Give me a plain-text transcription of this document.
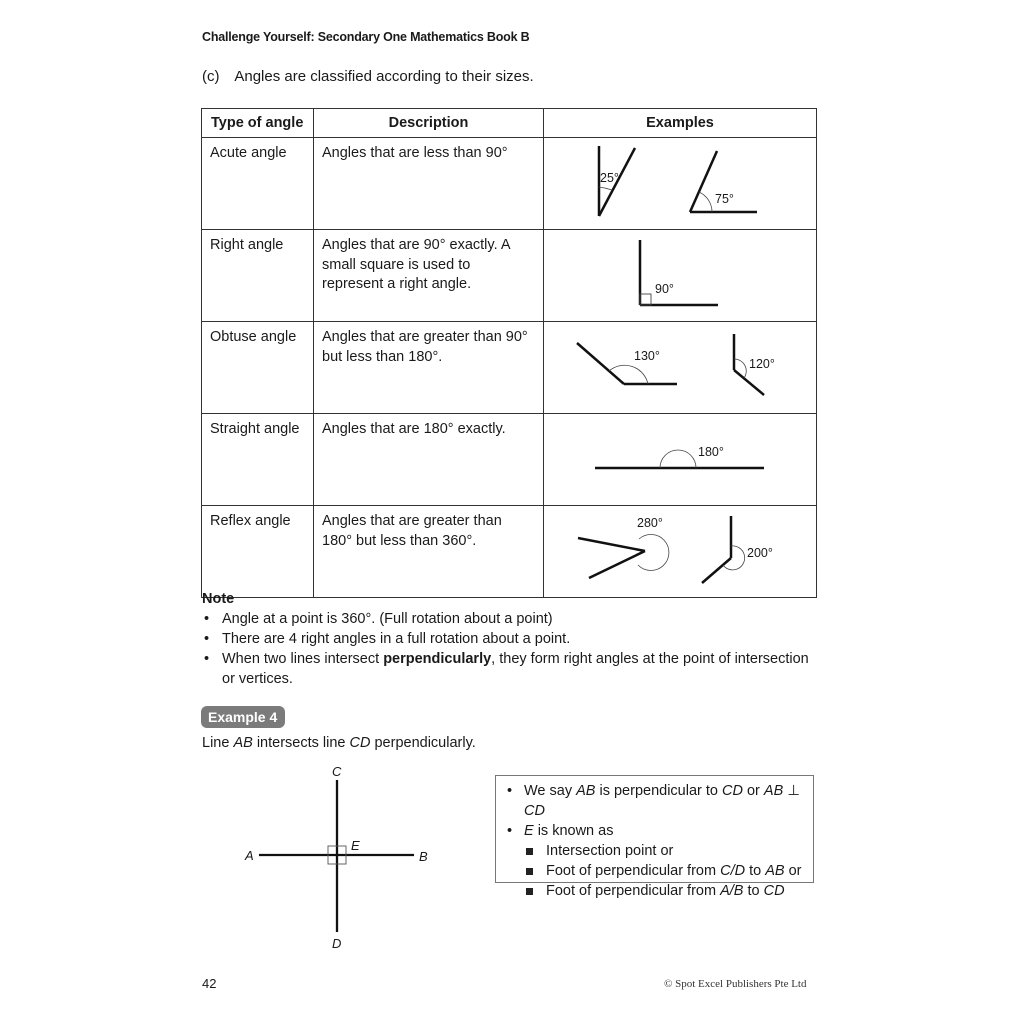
Challenge Yourself: Secondary One Mathematics Book B
(c) Angles are classified according to their sizes.
Type of angle	Description	Examples
Acute angle	Angles that are less than 90°	25°
75°

Right angle	Angles that are 90° exactly. A small square is used to represent a right angle.	90°

Obtuse angle	Angles that are greater than 90° but less than 180°.	130°
120°

Straight angle	Angles that are 180° exactly.	180°

Reflex angle	Angles that are greater than 180° but less than 360°.	280°
200°
Note
• Angle at a point is 360°. (Full rotation about a point)
• There are 4 right angles in a full rotation about a point.
• When two lines intersect perpendicularly, they form right angles at the point of intersection or vertices.
Example 4
Line AB intersects line CD perpendicularly.
A	B
C
D
E
• We say AB is perpendicular to CD or AB ⊥ CD
• E is known as
Intersection point or
Foot of perpendicular from C/D to AB or
Foot of perpendicular from A/B to CD
42	© Spot Excel Publishers Pte Ltd
